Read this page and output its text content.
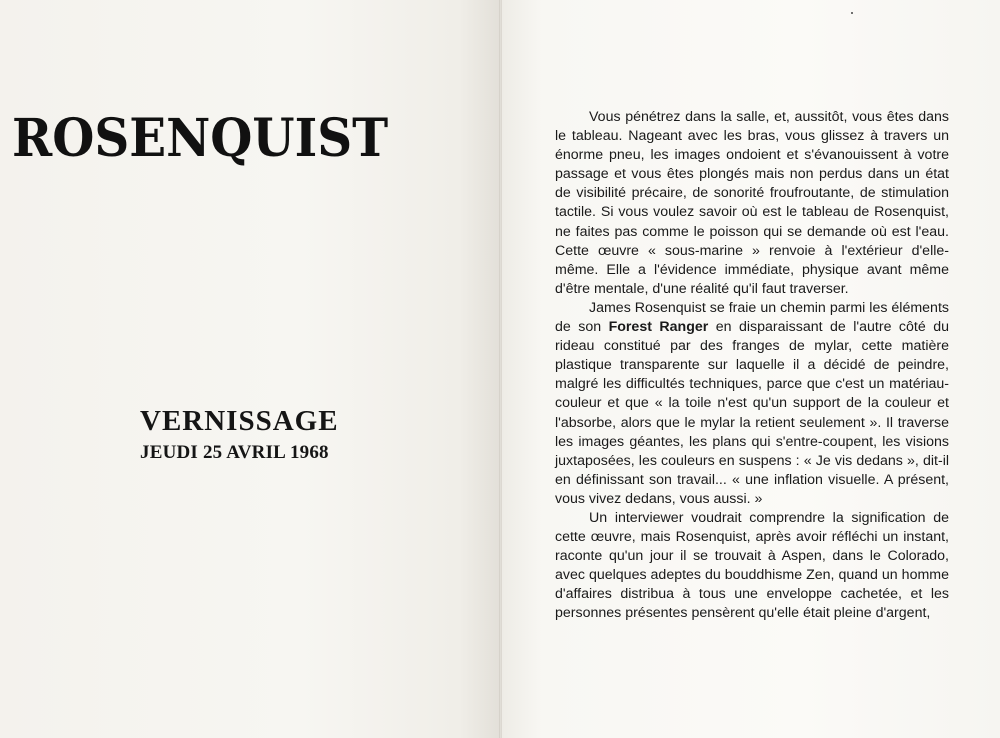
ROSENQUIST
VERNISSAGE
JEUDI 25 AVRIL 1968

Vous pénétrez dans la salle, et, aussitôt, vous êtes dans le tableau. Nageant avec les bras, vous glissez à travers un énorme pneu, les images ondoient et s'évanouissent à votre passage et vous êtes plongés mais non perdus dans un état de visibilité précaire, de sonorité froufroutante, de stimulation tactile. Si vous voulez savoir où est le tableau de Rosenquist, ne faites pas comme le poisson qui se demande où est l'eau. Cette œuvre « sous-marine » renvoie à l'extérieur d'elle-même. Elle a l'évidence immédiate, physique avant même d'être mentale, d'une réalité qu'il faut traverser.

James Rosenquist se fraie un chemin parmi les éléments de son Forest Ranger en disparaissant de l'autre côté du rideau constitué par des franges de mylar, cette matière plastique transparente sur laquelle il a décidé de peindre, malgré les difficultés techniques, parce que c'est un matériau-couleur et que « la toile n'est qu'un support de la couleur et l'absorbe, alors que le mylar la retient seulement ». Il traverse les images géantes, les plans qui s'entre-coupent, les visions juxtaposées, les couleurs en suspens : « Je vis dedans », dit-il en définissant son travail... « une inflation visuelle. A présent, vous vivez dedans, vous aussi. »

Un interviewer voudrait comprendre la signification de cette œuvre, mais Rosenquist, après avoir réfléchi un instant, raconte qu'un jour il se trouvait à Aspen, dans le Colorado, avec quelques adeptes du bouddhisme Zen, quand un homme d'affaires distribua à tous une enveloppe cachetée, et les personnes présentes pensèrent qu'elle était pleine d'argent,
